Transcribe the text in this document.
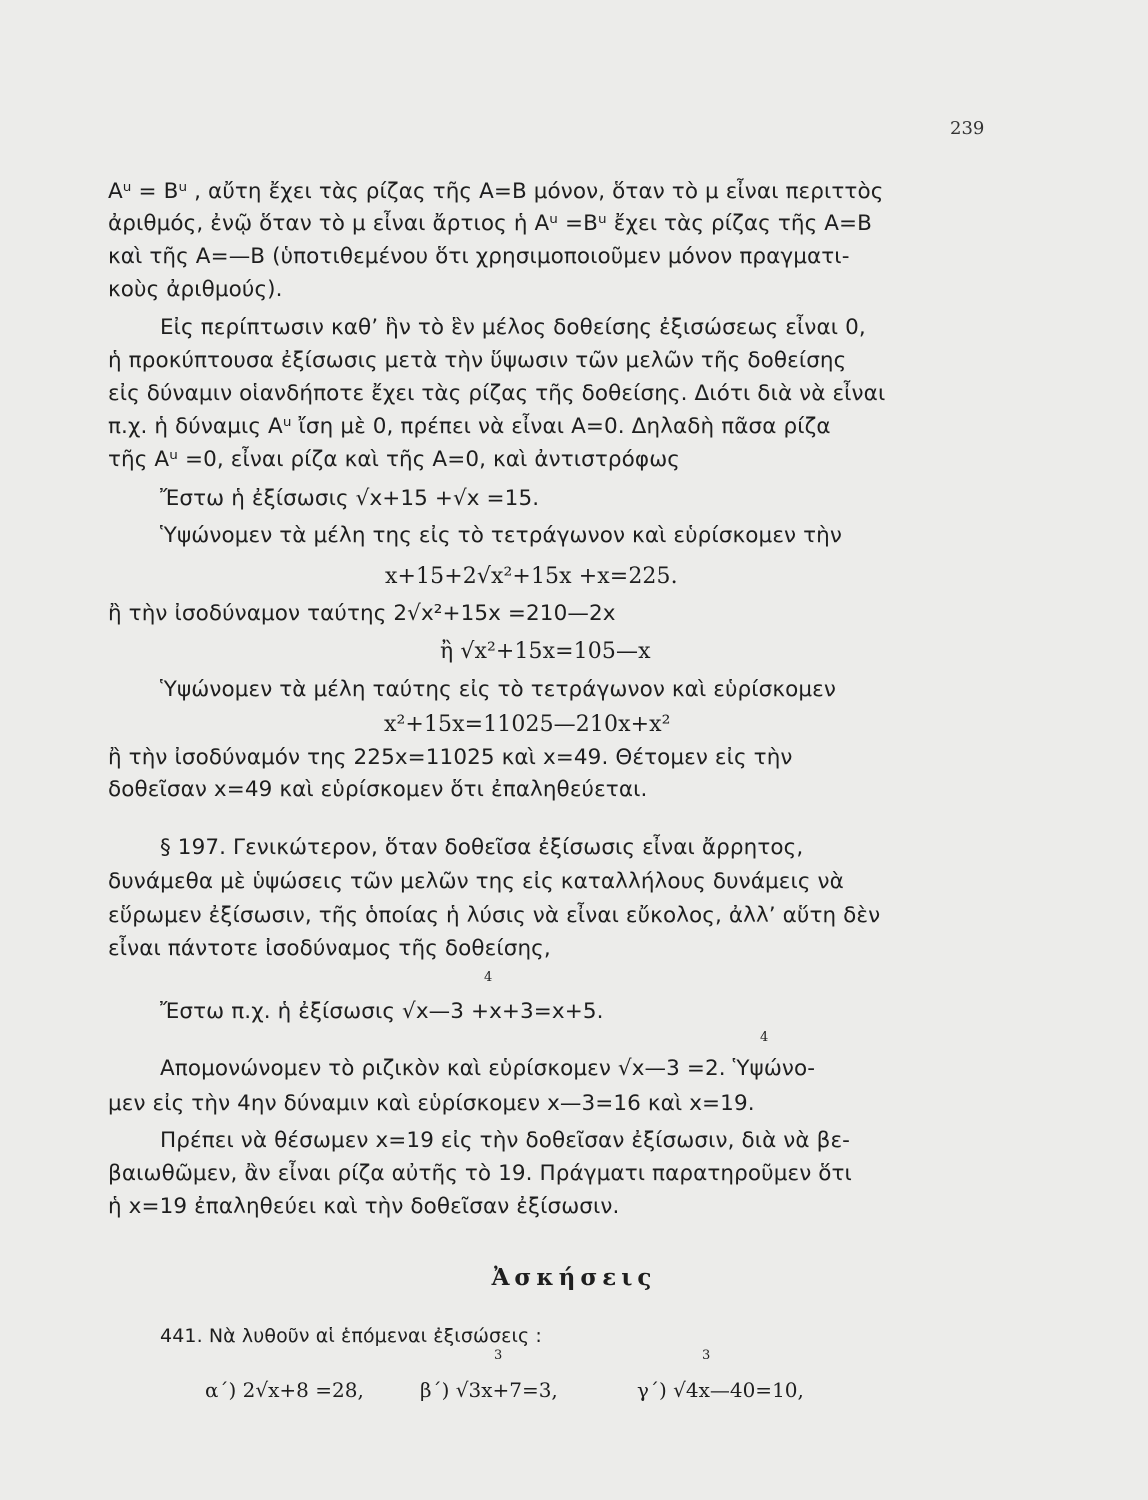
239
Aᵘ = Bᵘ , αὔτη ἔχει τὰς ρίζας τῆς A=B μόνον, ὅταν τὸ μ εἶναι περιττὸς
ἀριθμός, ἐνῷ ὅταν τὸ μ εἶναι ἄρτιος ἡ Aᵘ =Bᵘ ἔχει τὰς ρίζας τῆς A=B
καὶ τῆς A=—B (ὑποτιθεμένου ὅτι χρησιμοποιοῦμεν μόνον πραγματι-
κοὺς ἀριθμούς).
Εἰς περίπτωσιν καθ’ ἣν τὸ ἓν μέλος δοθείσης ἐξισώσεως εἶναι 0,
ἡ προκύπτουσα ἐξίσωσις μετὰ τὴν ὕψωσιν τῶν μελῶν τῆς δοθείσης
εἰς δύναμιν οἱανδήποτε ἔχει τὰς ρίζας τῆς δοθείσης. Διότι διὰ νὰ εἶναι
π.χ. ἡ δύναμις Aᵘ ἴση μὲ 0, πρέπει νὰ εἶναι A=0. Δηλαδὴ πᾶσα ρίζα
τῆς Aᵘ =0, εἶναι ρίζα καὶ τῆς A=0, καὶ ἀντιστρόφως
Ἔστω ἡ ἐξίσωσις √x+15 +√x =15.
Ὑψώνομεν τὰ μέλη της εἰς τὸ τετράγωνον καὶ εὑρίσκομεν τὴν
x+15+2√x²+15x +x=225.
ἢ τὴν ἰσοδύναμον ταύτης 2√x²+15x =210—2x
ἢ √x²+15x=105—x
Ὑψώνομεν τὰ μέλη ταύτης εἰς τὸ τετράγωνον καὶ εὑρίσκομεν
x²+15x=11025—210x+x²
ἢ τὴν ἰσοδύναμόν της 225x=11025 καὶ x=49. Θέτομεν εἰς τὴν
δοθεῖσαν x=49 καὶ εὑρίσκομεν ὅτι ἐπαληθεύεται.
§ 197. Γενικώτερον, ὅταν δοθεῖσα ἐξίσωσις εἶναι ἄρρητος,
δυνάμεθα μὲ ὑψώσεις τῶν μελῶν της εἰς καταλλήλους δυνάμεις νὰ
εὕρωμεν ἐξίσωσιν, τῆς ὁποίας ἡ λύσις νὰ εἶναι εὔκολος, ἀλλ’ αὕτη δὲν
εἶναι πάντοτε ἰσοδύναμος τῆς δοθείσης,
4
Ἔστω π.χ. ἡ ἐξίσωσις √x—3 +x+3=x+5.
4
Απομονώνομεν τὸ ριζικὸν καὶ εὑρίσκομεν √x—3 =2. Ὑψώνο-
μεν εἰς τὴν 4ην δύναμιν καὶ εὑρίσκομεν x—3=16 καὶ x=19.
Πρέπει νὰ θέσωμεν x=19 εἰς τὴν δοθεῖσαν ἐξίσωσιν, διὰ νὰ βε-
βαιωθῶμεν, ἂν εἶναι ρίζα αὐτῆς τὸ 19. Πράγματι παρατηροῦμεν ὅτι
ἡ x=19 ἐπαληθεύει καὶ τὴν δοθεῖσαν ἐξίσωσιν.
Ἀσκήσεις
441. Νὰ λυθοῦν αἱ ἑπόμεναι ἐξισώσεις :
3	3
α΄) 2√x+8 =28,	β΄) √3x+7=3,	γ΄) √4x—40=10,
